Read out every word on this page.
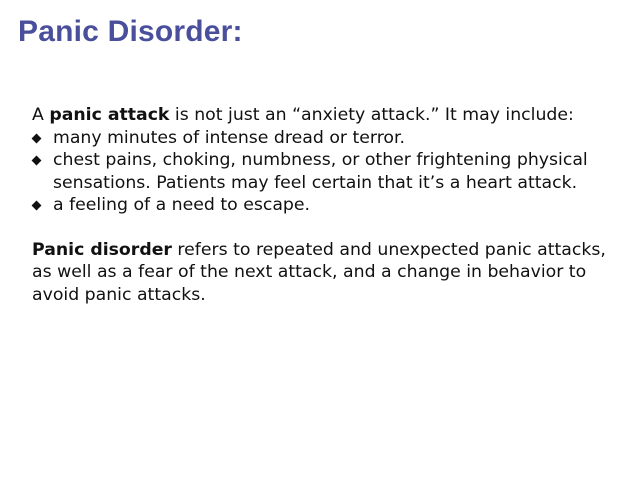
Panic Disorder:

A panic attack is not just an “anxiety attack.” It may include:

many minutes of intense dread or terror.
chest pains, choking, numbness, or other frightening physical sensations. Patients may feel certain that it’s a heart attack.
a feeling of a need to escape.

Panic disorder refers to repeated and unexpected panic attacks, as well as a fear of the next attack, and a change in behavior to avoid panic attacks.
